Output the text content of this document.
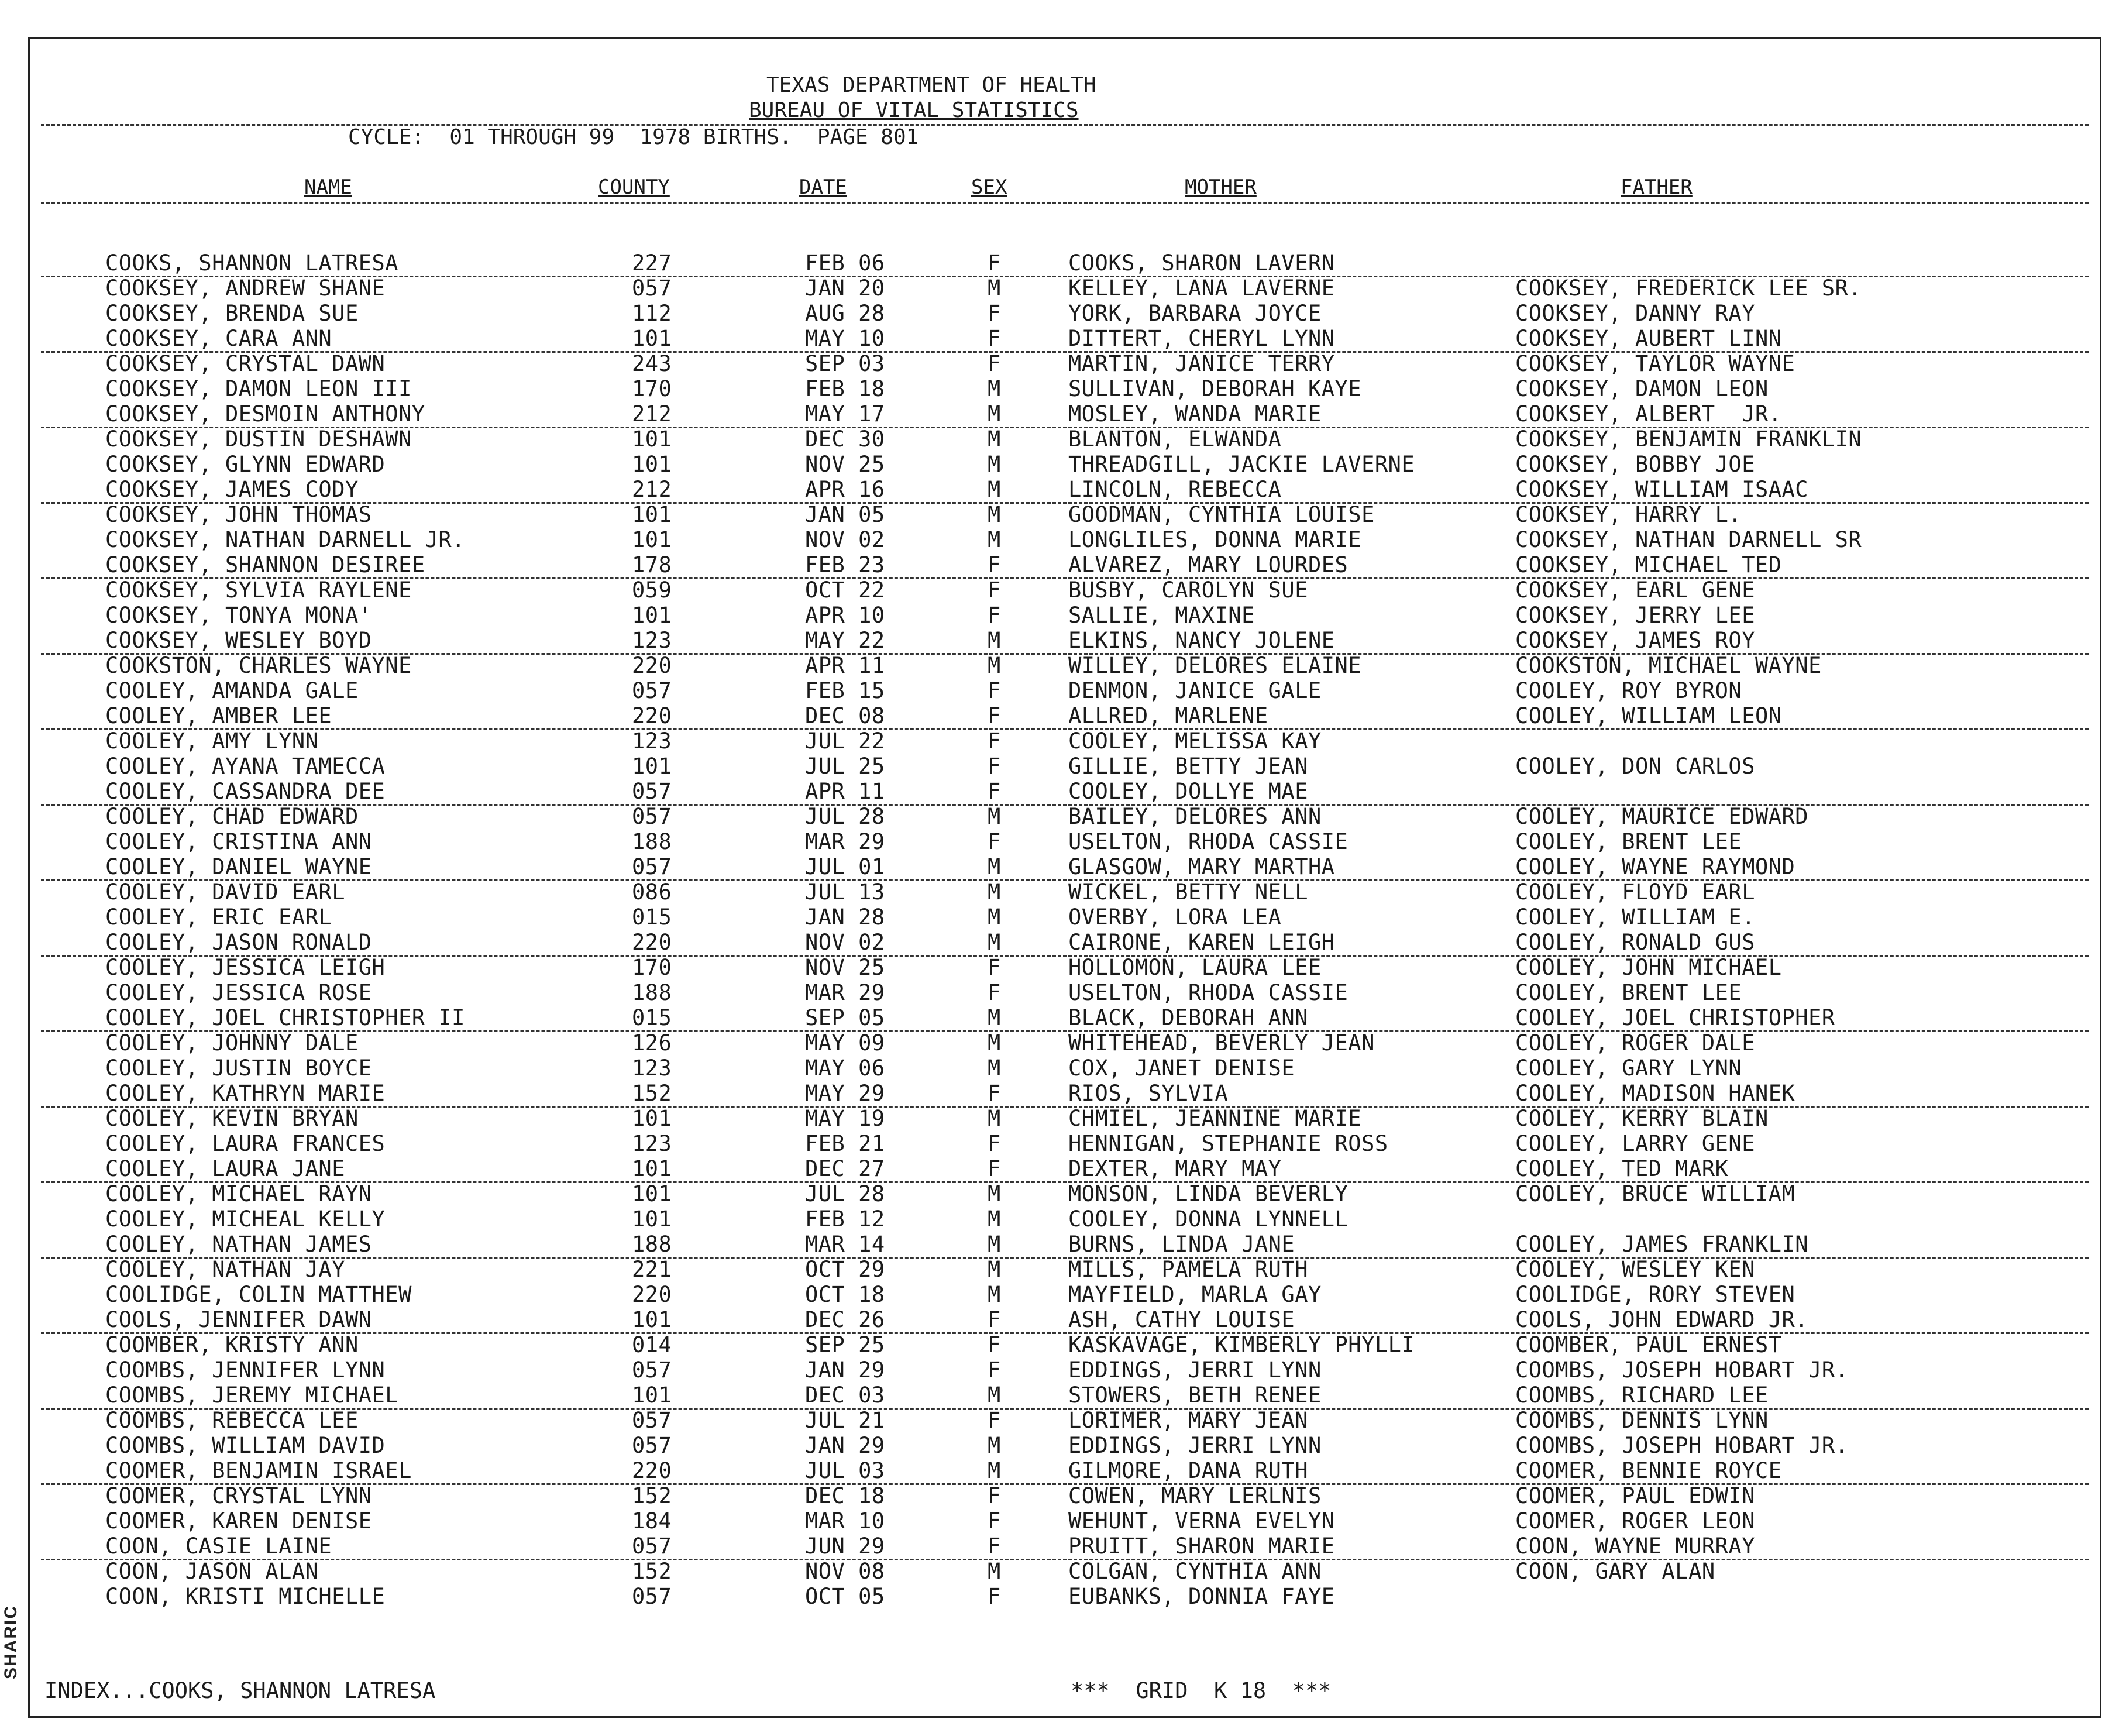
SHARIC
TEXAS DEPARTMENT OF HEALTH
BUREAU OF VITAL STATISTICS
CYCLE:  01 THROUGH 99  1978 BIRTHS.  PAGE 801
NAME	COUNTY	DATE	SEX	MOTHER	FATHER
COOKS, SHANNON LATRESA	227	FEB 06	F	COOKS, SHARON LAVERN
COOKSEY, ANDREW SHANE	057	JAN 20	M	KELLEY, LANA LAVERNE	COOKSEY, FREDERICK LEE SR.
COOKSEY, BRENDA SUE	112	AUG 28	F	YORK, BARBARA JOYCE	COOKSEY, DANNY RAY
COOKSEY, CARA ANN	101	MAY 10	F	DITTERT, CHERYL LYNN	COOKSEY, AUBERT LINN
COOKSEY, CRYSTAL DAWN	243	SEP 03	F	MARTIN, JANICE TERRY	COOKSEY, TAYLOR WAYNE
COOKSEY, DAMON LEON III	170	FEB 18	M	SULLIVAN, DEBORAH KAYE	COOKSEY, DAMON LEON
COOKSEY, DESMOIN ANTHONY	212	MAY 17	M	MOSLEY, WANDA MARIE	COOKSEY, ALBERT  JR.
COOKSEY, DUSTIN DESHAWN	101	DEC 30	M	BLANTON, ELWANDA	COOKSEY, BENJAMIN FRANKLIN
COOKSEY, GLYNN EDWARD	101	NOV 25	M	THREADGILL, JACKIE LAVERNE	COOKSEY, BOBBY JOE
COOKSEY, JAMES CODY	212	APR 16	M	LINCOLN, REBECCA	COOKSEY, WILLIAM ISAAC
COOKSEY, JOHN THOMAS	101	JAN 05	M	GOODMAN, CYNTHIA LOUISE	COOKSEY, HARRY L.
COOKSEY, NATHAN DARNELL JR.	101	NOV 02	M	LONGLILES, DONNA MARIE	COOKSEY, NATHAN DARNELL SR
COOKSEY, SHANNON DESIREE	178	FEB 23	F	ALVAREZ, MARY LOURDES	COOKSEY, MICHAEL TED
COOKSEY, SYLVIA RAYLENE	059	OCT 22	F	BUSBY, CAROLYN SUE	COOKSEY, EARL GENE
COOKSEY, TONYA MONA'	101	APR 10	F	SALLIE, MAXINE	COOKSEY, JERRY LEE
COOKSEY, WESLEY BOYD	123	MAY 22	M	ELKINS, NANCY JOLENE	COOKSEY, JAMES ROY
COOKSTON, CHARLES WAYNE	220	APR 11	M	WILLEY, DELORES ELAINE	COOKSTON, MICHAEL WAYNE
COOLEY, AMANDA GALE	057	FEB 15	F	DENMON, JANICE GALE	COOLEY, ROY BYRON
COOLEY, AMBER LEE	220	DEC 08	F	ALLRED, MARLENE	COOLEY, WILLIAM LEON
COOLEY, AMY LYNN	123	JUL 22	F	COOLEY, MELISSA KAY
COOLEY, AYANA TAMECCA	101	JUL 25	F	GILLIE, BETTY JEAN	COOLEY, DON CARLOS
COOLEY, CASSANDRA DEE	057	APR 11	F	COOLEY, DOLLYE MAE
COOLEY, CHAD EDWARD	057	JUL 28	M	BAILEY, DELORES ANN	COOLEY, MAURICE EDWARD
COOLEY, CRISTINA ANN	188	MAR 29	F	USELTON, RHODA CASSIE	COOLEY, BRENT LEE
COOLEY, DANIEL WAYNE	057	JUL 01	M	GLASGOW, MARY MARTHA	COOLEY, WAYNE RAYMOND
COOLEY, DAVID EARL	086	JUL 13	M	WICKEL, BETTY NELL	COOLEY, FLOYD EARL
COOLEY, ERIC EARL	015	JAN 28	M	OVERBY, LORA LEA	COOLEY, WILLIAM E.
COOLEY, JASON RONALD	220	NOV 02	M	CAIRONE, KAREN LEIGH	COOLEY, RONALD GUS
COOLEY, JESSICA LEIGH	170	NOV 25	F	HOLLOMON, LAURA LEE	COOLEY, JOHN MICHAEL
COOLEY, JESSICA ROSE	188	MAR 29	F	USELTON, RHODA CASSIE	COOLEY, BRENT LEE
COOLEY, JOEL CHRISTOPHER II	015	SEP 05	M	BLACK, DEBORAH ANN	COOLEY, JOEL CHRISTOPHER
COOLEY, JOHNNY DALE	126	MAY 09	M	WHITEHEAD, BEVERLY JEAN	COOLEY, ROGER DALE
COOLEY, JUSTIN BOYCE	123	MAY 06	M	COX, JANET DENISE	COOLEY, GARY LYNN
COOLEY, KATHRYN MARIE	152	MAY 29	F	RIOS, SYLVIA	COOLEY, MADISON HANEK
COOLEY, KEVIN BRYAN	101	MAY 19	M	CHMIEL, JEANNINE MARIE	COOLEY, KERRY BLAIN
COOLEY, LAURA FRANCES	123	FEB 21	F	HENNIGAN, STEPHANIE ROSS	COOLEY, LARRY GENE
COOLEY, LAURA JANE	101	DEC 27	F	DEXTER, MARY MAY	COOLEY, TED MARK
COOLEY, MICHAEL RAYN	101	JUL 28	M	MONSON, LINDA BEVERLY	COOLEY, BRUCE WILLIAM
COOLEY, MICHEAL KELLY	101	FEB 12	M	COOLEY, DONNA LYNNELL
COOLEY, NATHAN JAMES	188	MAR 14	M	BURNS, LINDA JANE	COOLEY, JAMES FRANKLIN
COOLEY, NATHAN JAY	221	OCT 29	M	MILLS, PAMELA RUTH	COOLEY, WESLEY KEN
COOLIDGE, COLIN MATTHEW	220	OCT 18	M	MAYFIELD, MARLA GAY	COOLIDGE, RORY STEVEN
COOLS, JENNIFER DAWN	101	DEC 26	F	ASH, CATHY LOUISE	COOLS, JOHN EDWARD JR.
COOMBER, KRISTY ANN	014	SEP 25	F	KASKAVAGE, KIMBERLY PHYLLI	COOMBER, PAUL ERNEST
COOMBS, JENNIFER LYNN	057	JAN 29	F	EDDINGS, JERRI LYNN	COOMBS, JOSEPH HOBART JR.
COOMBS, JEREMY MICHAEL	101	DEC 03	M	STOWERS, BETH RENEE	COOMBS, RICHARD LEE
COOMBS, REBECCA LEE	057	JUL 21	F	LORIMER, MARY JEAN	COOMBS, DENNIS LYNN
COOMBS, WILLIAM DAVID	057	JAN 29	M	EDDINGS, JERRI LYNN	COOMBS, JOSEPH HOBART JR.
COOMER, BENJAMIN ISRAEL	220	JUL 03	M	GILMORE, DANA RUTH	COOMER, BENNIE ROYCE
COOMER, CRYSTAL LYNN	152	DEC 18	F	COWEN, MARY LERLNIS	COOMER, PAUL EDWIN
COOMER, KAREN DENISE	184	MAR 10	F	WEHUNT, VERNA EVELYN	COOMER, ROGER LEON
COON, CASIE LAINE	057	JUN 29	F	PRUITT, SHARON MARIE	COON, WAYNE MURRAY
COON, JASON ALAN	152	NOV 08	M	COLGAN, CYNTHIA ANN	COON, GARY ALAN
COON, KRISTI MICHELLE	057	OCT 05	F	EUBANKS, DONNIA FAYE
INDEX...COOKS, SHANNON LATRESA	***  GRID  K 18  ***
